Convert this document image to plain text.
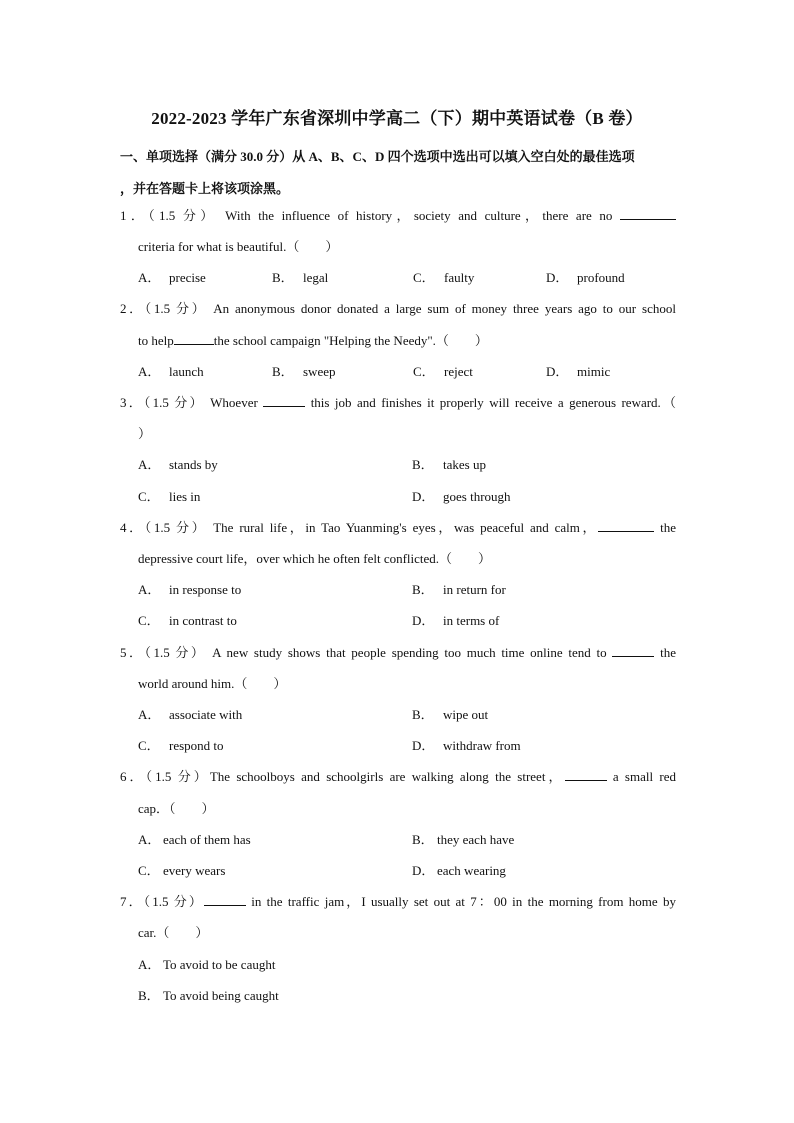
2022-2023 学年广东省深圳中学高二（下）期中英语试卷（B 卷）
一、单项选择（满分 30.0 分）从 A、B、C、D 四个选项中选出可以填入空白处的最佳选项
，并在答题卡上将该项涂黑。
1．（1.5 分） With the influence of history，society and culture，there are no
criteria for what is beautiful.（　　）
A． precise	B． legal	C． faulty	D． profound
2．（1.5 分） An anonymous donor donated a large sum of money three years ago to our school
to help	the school campaign "Helping the Needy".（　　）
A． launch	B． sweep	C． reject	D． mimic
3．（1.5 分） Whoever	this job and finishes it properly will receive a generous reward.（
）
A． stands by	B． takes up
C． lies in	D． goes through
4．（1.5 分） The rural life，in Tao Yuanming's eyes，was peaceful and calm，	the
depressive court life，over which he often felt conflicted.（　　）
A． in response to	B． in return for
C． in contrast to	D． in terms of
5．（1.5 分） A new study shows that people spending too much time online tend to	the
world around him.（　　）
A． associate with	B． wipe out
C． respond to	D． withdraw from
6．（1.5 分）The schoolboys and schoolgirls are walking along the street，	a small red
cap．（　　）
A． each of them has	B． they each have
C． every wears	D． each wearing
7．（1.5 分）	in the traffic jam，I usually set out at 7：00 in the morning from home by
car.（　　）
A． To avoid to be caught
B． To avoid being caught
